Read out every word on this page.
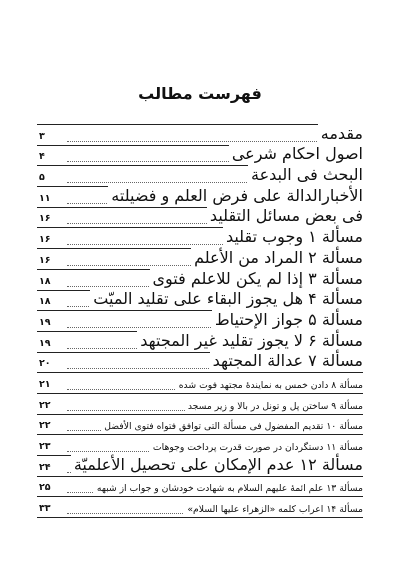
فهرست مطالب
مقدمه
۳
اصول احکام شرعی
۴
البحث فی البدعة
۵
الأخبارالدالة علی فرض العلم و فضیلته
۱۱
فی بعض مسائل التقلید
۱۶
مسألة ۱ وجوب تقلید
۱۶
مسألة ۲ المراد من الأعلم
۱۶
مسألة ۳ إذا لم یکن للاعلم فتوی
۱۸
مسألة ۴ هل یجوز البقاء علی تقلید المیّت
۱۸
مسألة ۵ جواز الإحتیاط
۱۹
مسألة ۶ لا یجوز تقلید غیر المجتهد
۱۹
مسألة ۷ عدالة المجتهد
۲۰
مسألة ۸ دادن خمس به نمایندهٔ مجتهد فوت شده
۲۱
مسألة ۹ ساختن پل و تونل در بالا و زیر مسجد
۲۲
مسألة ۱۰ تقدیم المفضول فی مسألة التی توافق فتواه فتوی الأفضل
۲۲
مسألة ۱۱ دستگردان در صورت قدرت پرداخت وجوهات
۲۳
مسألة ۱۲ عدم الإمکان علی تحصیل الأعلمیّة
۲۴
مسألة ۱۳ علم ائمهٔ علیهم السلام به شهادت خودشان و جواب از شبهه
۲۵
مسألة ۱۴ اعراب کلمه «الزهراء علیها السلام»
۳۳
